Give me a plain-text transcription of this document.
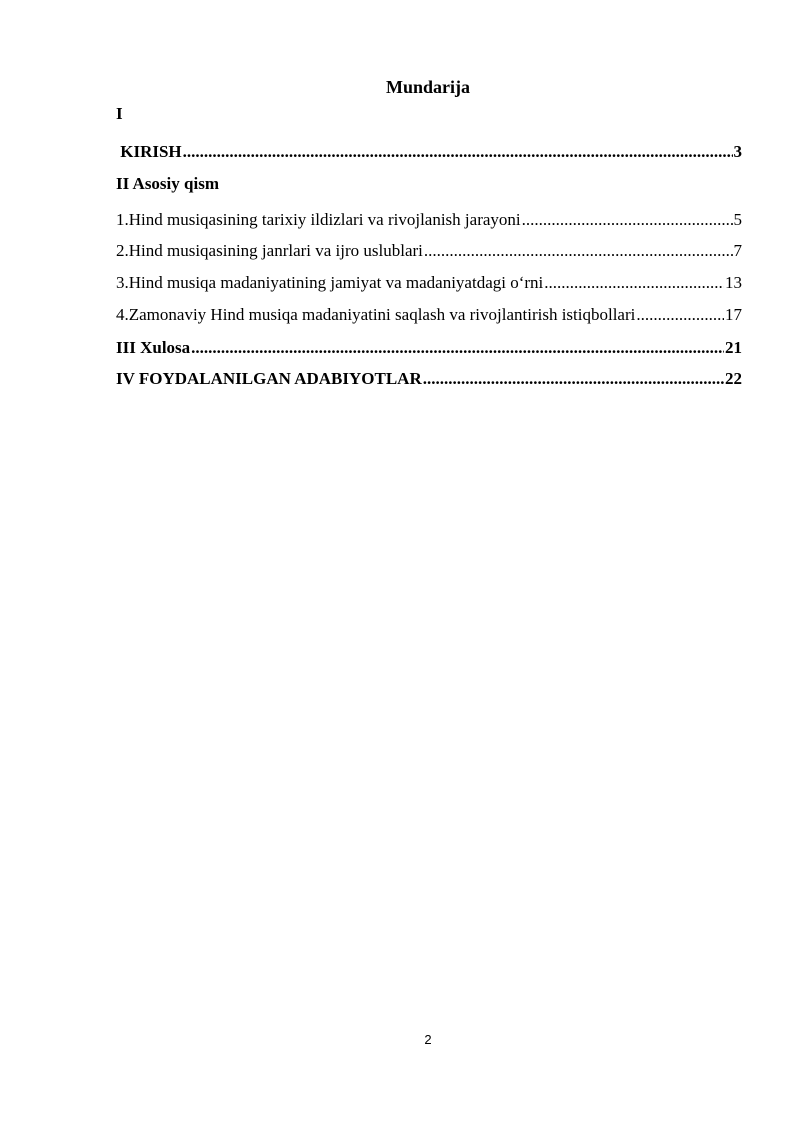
Mundarija
I
KIRISH .....	3
II Asosiy qism
1.Hind musiqasining tarixiy ildizlari va rivojlanish jarayoni .....	5
2.Hind musiqasining janrlari va ijro uslublari .....	7
3.Hind musiqa madaniyatining jamiyat va madaniyatdagi o‘rni .....	13
4.Zamonaviy Hind musiqa madaniyatini saqlash va rivojlantirish istiqbollari .....	17
III Xulosa .....	21
IV FOYDALANILGAN ADABIYOTLAR .....	22
2
